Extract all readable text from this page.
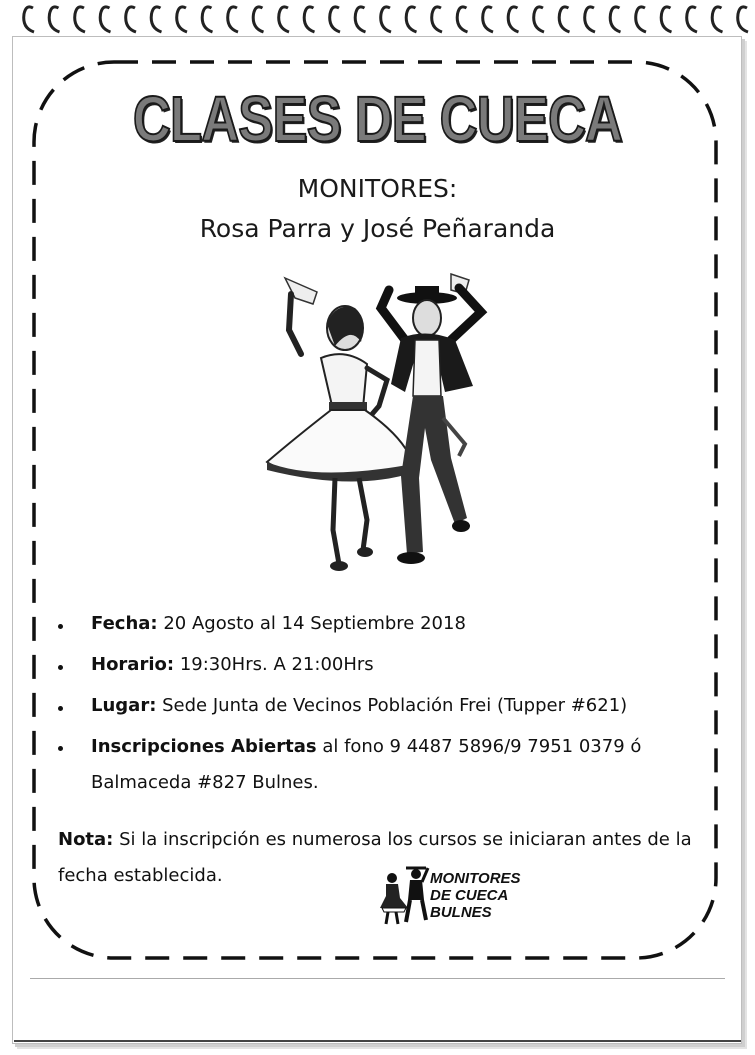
CLASES DE CUECA

MONITORES:

Rosa Parra y José Peñaranda

Fecha: 20 Agosto al 14 Septiembre 2018
Horario: 19:30Hrs. A 21:00Hrs
Lugar: Sede Junta de Vecinos Población Frei (Tupper #621)
Inscripciones Abiertas al fono 9 4487 5896/9 7951 0379 ó Balmaceda #827 Bulnes.
Nota: Si la inscripción es numerosa los cursos se iniciaran antes de la fecha establecida.	MONITORES
DE CUECA
BULNES
